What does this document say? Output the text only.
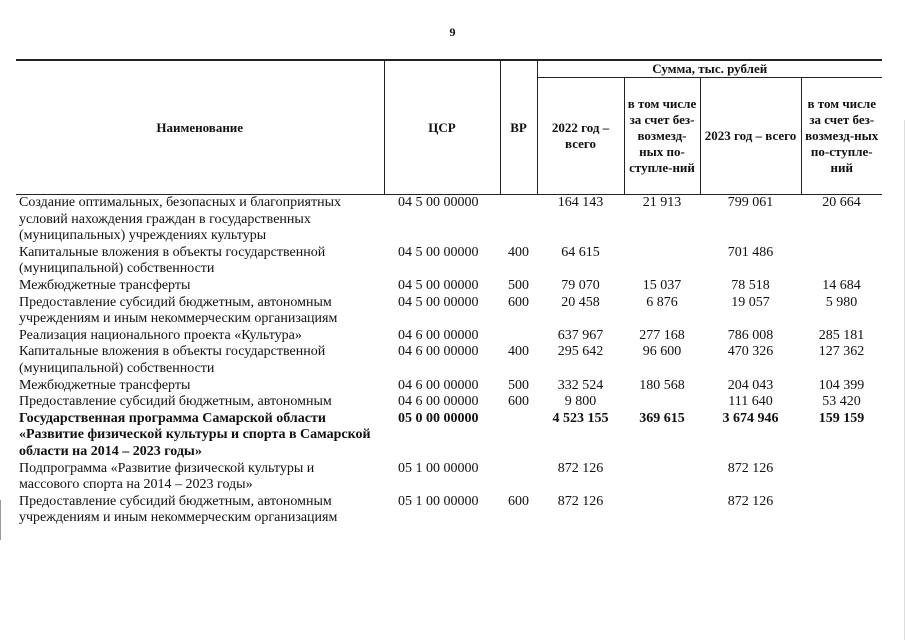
9
Наименование	ЦСР	ВР	Сумма, тыс. рублей			
			2022 год – всего	в том числе за счет без-возмезд-ных по-ступле-ний	2023 год – всего	в том числе за счет без-возмезд-ных по-ступле-ний
Создание оптимальных, безопасных и благоприятных условий нахождения граждан в государственных (муниципальных) учреждениях культуры	04 5 00 00000		164 143	21 913	799 061	20 664
Капитальные вложения в объекты государственной (муниципальной) собственности	04 5 00 00000	400	64 615		701 486	
Межбюджетные трансферты	04 5 00 00000	500	79 070	15 037	78 518	14 684
Предоставление субсидий бюджетным, автономным учреждениям и иным некоммерческим организациям	04 5 00 00000	600	20 458	6 876	19 057	5 980
Реализация национального проекта «Культура»	04 6 00 00000		637 967	277 168	786 008	285 181
Капитальные вложения в объекты государственной (муниципальной) собственности	04 6 00 00000	400	295 642	96 600	470 326	127 362
Межбюджетные трансферты	04 6 00 00000	500	332 524	180 568	204 043	104 399
Предоставление субсидий бюджетным, автономным	04 6 00 00000	600	9 800		111 640	53 420
Государственная программа Самарской области «Развитие физической культуры и спорта в Самарской области на 2014 – 2023 годы»	05 0 00 00000		4 523 155	369 615	3 674 946	159 159
Подпрограмма «Развитие физической культуры и массового спорта на 2014 – 2023 годы»	05 1 00 00000		872 126		872 126	
Предоставление субсидий бюджетным, автономным учреждениям и иным некоммерческим организациям	05 1 00 00000	600	872 126		872 126	
